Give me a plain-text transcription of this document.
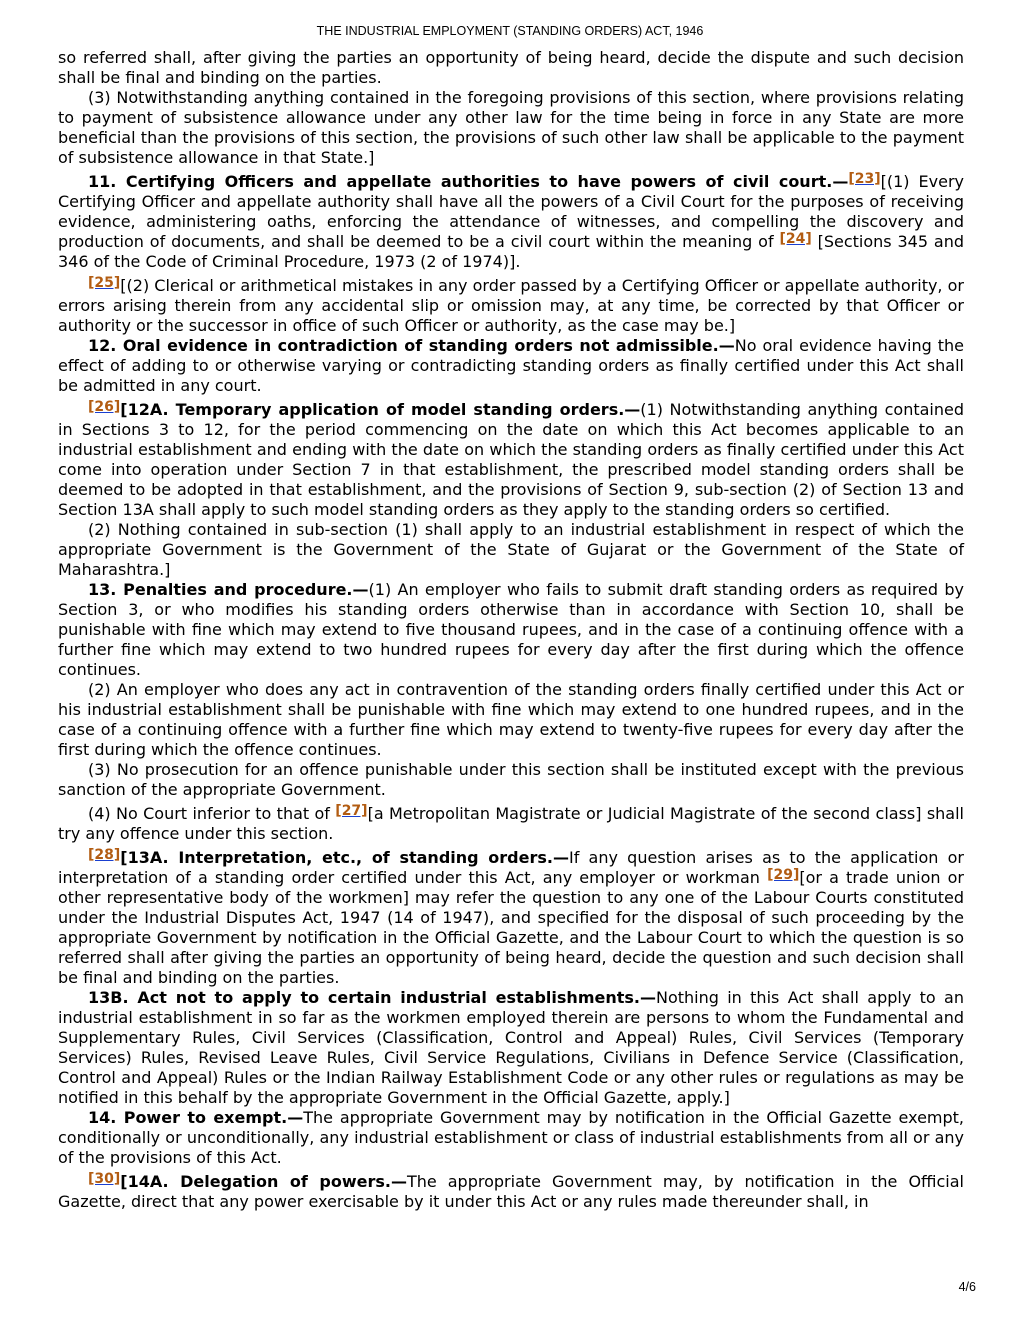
THE INDUSTRIAL EMPLOYMENT (STANDING ORDERS) ACT, 1946

so referred shall, after giving the parties an opportunity of being heard, decide the dispute and such decision shall be final and binding on the parties.

(3) Notwithstanding anything contained in the foregoing provisions of this section, where provisions relating to payment of subsistence allowance under any other law for the time being in force in any State are more beneficial than the provisions of this section, the provisions of such other law shall be applicable to the payment of subsistence allowance in that State.]

11. Certifying Officers and appellate authorities to have powers of civil court.—[23][(1) Every Certifying Officer and appellate authority shall have all the powers of a Civil Court for the purposes of receiving evidence, administering oaths, enforcing the attendance of witnesses, and compelling the discovery and production of documents, and shall be deemed to be a civil court within the meaning of [24] [Sections 345 and 346 of the Code of Criminal Procedure, 1973 (2 of 1974)].

[25][(2) Clerical or arithmetical mistakes in any order passed by a Certifying Officer or appellate authority, or errors arising therein from any accidental slip or omission may, at any time, be corrected by that Officer or authority or the successor in office of such Officer or authority, as the case may be.]

12. Oral evidence in contradiction of standing orders not admissible.—No oral evidence having the effect of adding to or otherwise varying or contradicting standing orders as finally certified under this Act shall be admitted in any court.

[26][12A. Temporary application of model standing orders.—(1) Notwithstanding anything contained in Sections 3 to 12, for the period commencing on the date on which this Act becomes applicable to an industrial establishment and ending with the date on which the standing orders as finally certified under this Act come into operation under Section 7 in that establishment, the prescribed model standing orders shall be deemed to be adopted in that establishment, and the provisions of Section 9, sub-section (2) of Section 13 and Section 13A shall apply to such model standing orders as they apply to the standing orders so certified.

(2) Nothing contained in sub-section (1) shall apply to an industrial establishment in respect of which the appropriate Government is the Government of the State of Gujarat or the Government of the State of Maharashtra.]

13. Penalties and procedure.—(1) An employer who fails to submit draft standing orders as required by Section 3, or who modifies his standing orders otherwise than in accordance with Section 10, shall be punishable with fine which may extend to five thousand rupees, and in the case of a continuing offence with a further fine which may extend to two hundred rupees for every day after the first during which the offence continues.

(2) An employer who does any act in contravention of the standing orders finally certified under this Act or his industrial establishment shall be punishable with fine which may extend to one hundred rupees, and in the case of a continuing offence with a further fine which may extend to twenty-five rupees for every day after the first during which the offence continues.

(3) No prosecution for an offence punishable under this section shall be instituted except with the previous sanction of the appropriate Government.

(4) No Court inferior to that of [27][a Metropolitan Magistrate or Judicial Magistrate of the second class] shall try any offence under this section.

[28][13A. Interpretation, etc., of standing orders.—If any question arises as to the application or interpretation of a standing order certified under this Act, any employer or workman [29][or a trade union or other representative body of the workmen] may refer the question to any one of the Labour Courts constituted under the Industrial Disputes Act, 1947 (14 of 1947), and specified for the disposal of such proceeding by the appropriate Government by notification in the Official Gazette, and the Labour Court to which the question is so referred shall after giving the parties an opportunity of being heard, decide the question and such decision shall be final and binding on the parties.

13B. Act not to apply to certain industrial establishments.—Nothing in this Act shall apply to an industrial establishment in so far as the workmen employed therein are persons to whom the Fundamental and Supplementary Rules, Civil Services (Classification, Control and Appeal) Rules, Civil Services (Temporary Services) Rules, Revised Leave Rules, Civil Service Regulations, Civilians in Defence Service (Classification, Control and Appeal) Rules or the Indian Railway Establishment Code or any other rules or regulations as may be notified in this behalf by the appropriate Government in the Official Gazette, apply.]

14. Power to exempt.—The appropriate Government may by notification in the Official Gazette exempt, conditionally or unconditionally, any industrial establishment or class of industrial establishments from all or any of the provisions of this Act.

[30][14A. Delegation of powers.—The appropriate Government may, by notification in the Official Gazette, direct that any power exercisable by it under this Act or any rules made thereunder shall, in

4/6
